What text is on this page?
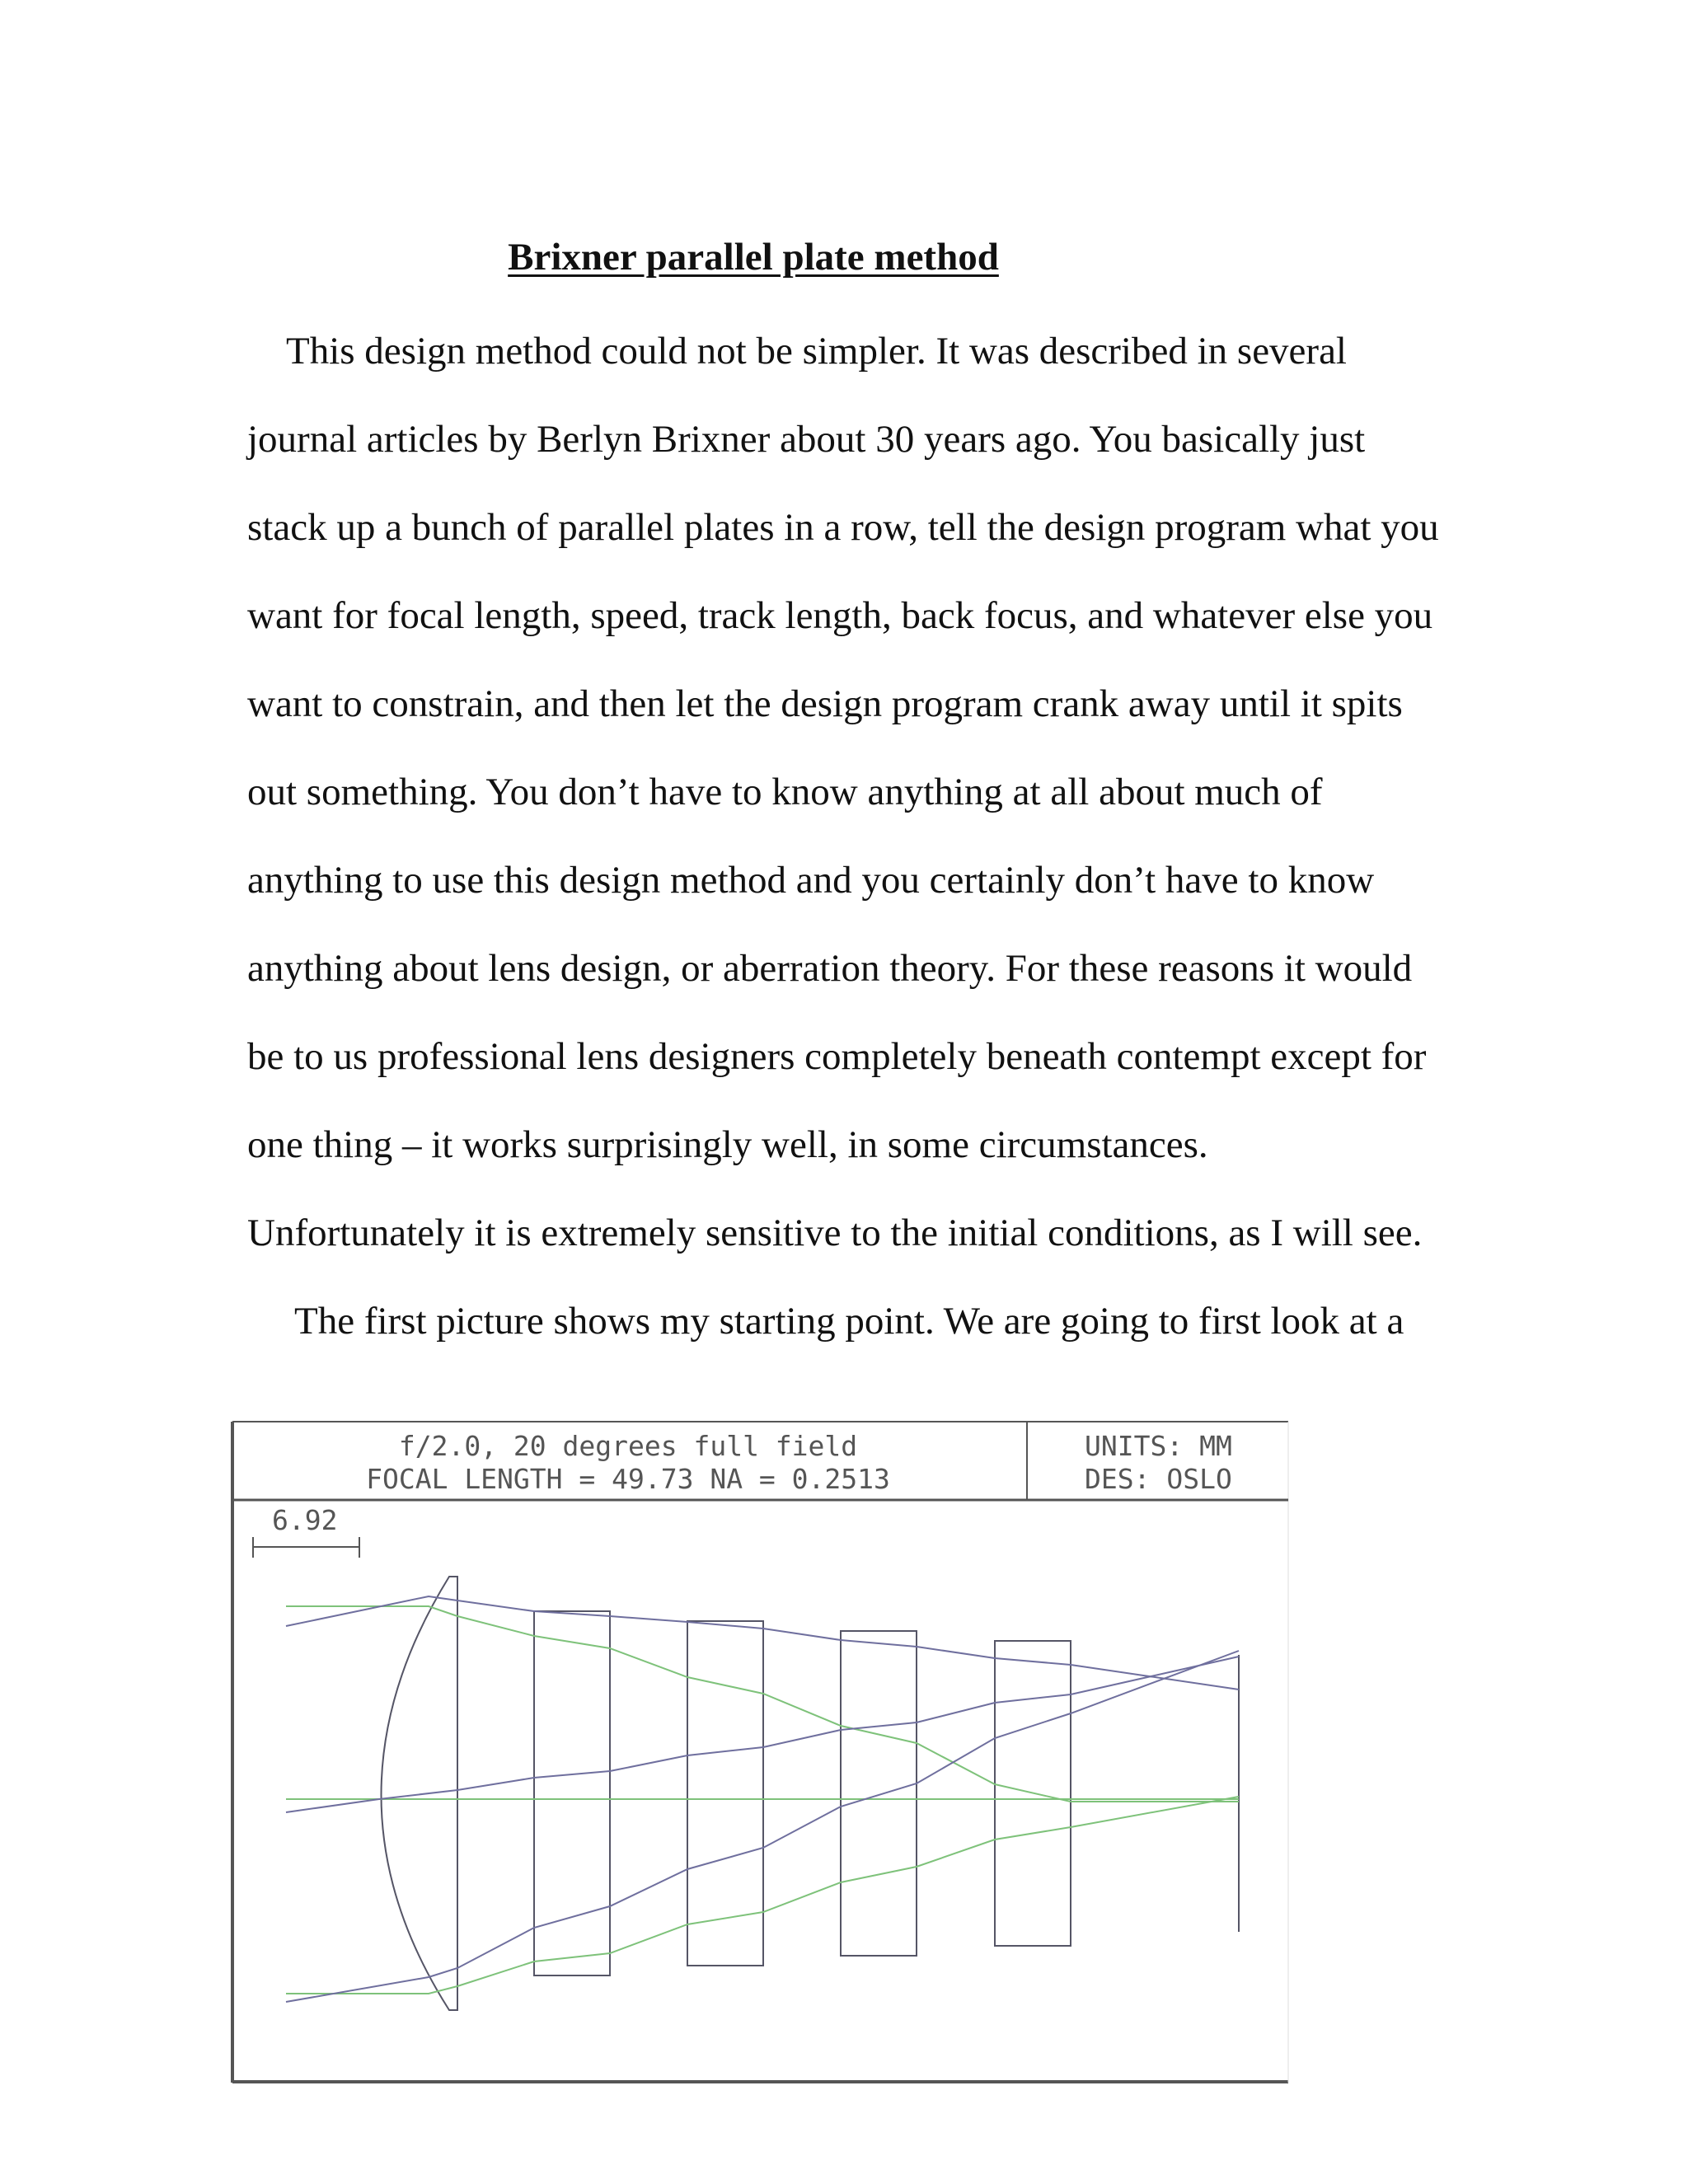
Brixner parallel plate method
This design method could not be simpler. It was described in several
journal articles by Berlyn Brixner about 30 years ago. You basically just
stack up a bunch of parallel plates in a row, tell the design program what you
want for focal length, speed, track length, back focus, and whatever else you
want to constrain, and then let the design program crank away until it spits
out something. You don’t have to know anything at all about much of
anything to use this design method and you certainly don’t have to know
anything about lens design, or aberration theory. For these reasons it would
be to us professional lens designers completely beneath contempt except for
one thing – it works surprisingly well, in some circumstances.
Unfortunately it is extremely sensitive to the initial conditions, as I will see.
The first picture shows my starting point. We are going to first look at a
f/2.0, 20 degrees full field
FOCAL LENGTH = 49.73 NA = 0.2513
UNITS: MM
DES: OSLO
6.92
